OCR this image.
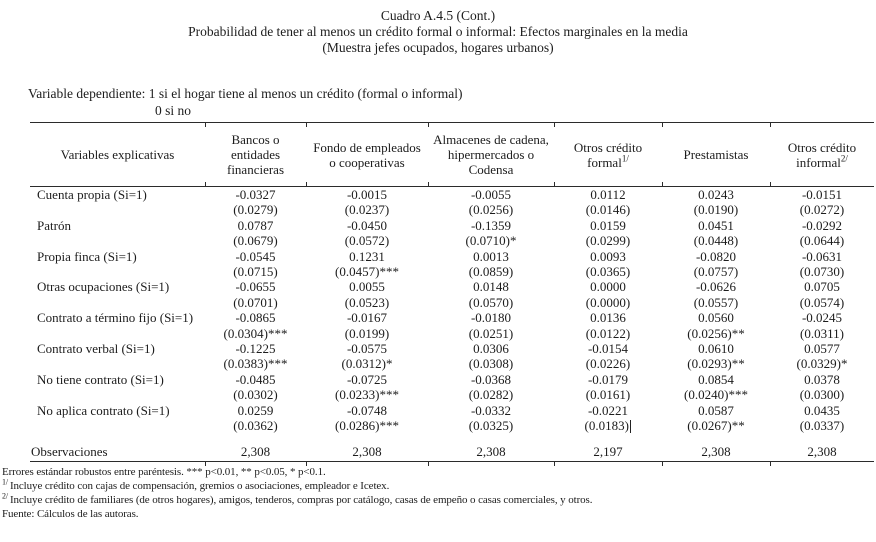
Cuadro A.4.5 (Cont.)
Probabilidad de tener al menos un crédito formal o informal: Efectos marginales en la media
(Muestra jefes ocupados, hogares urbanos)
Variable dependiente: 1 si el hogar tiene al menos un crédito (formal o informal)
0 si no
Variables explicativas	Bancos o entidades financieras	Fondo de empleados o cooperativas	Almacenes de cadena, hipermercados o Codensa	Otros crédito formal$^{1/}$	Prestamistas	Otros crédito informal$^{2/}$
Cuenta propia (Si=1)	-0.0327	-0.0015	-0.0055	0.0112	0.0243	-0.0151
	(0.0279)	(0.0237)	(0.0256)	(0.0146)	(0.0190)	(0.0272)
Patrón	0.0787	-0.0450	-0.1359	0.0159	0.0451	-0.0292
	(0.0679)	(0.0572)	(0.0710)*	(0.0299)	(0.0448)	(0.0644)
Propia finca (Si=1)	-0.0545	0.1231	0.0013	0.0093	-0.0820	-0.0631
	(0.0715)	(0.0457)***	(0.0859)	(0.0365)	(0.0757)	(0.0730)
Otras ocupaciones (Si=1)	-0.0655	0.0055	0.0148	0.0000	-0.0626	0.0705
	(0.0701)	(0.0523)	(0.0570)	(0.0000)	(0.0557)	(0.0574)
Contrato a término fijo (Si=1)	-0.0865	-0.0167	-0.0180	0.0136	0.0560	-0.0245
	(0.0304)***	(0.0199)	(0.0251)	(0.0122)	(0.0256)**	(0.0311)
Contrato verbal (Si=1)	-0.1225	-0.0575	0.0306	-0.0154	0.0610	0.0577
	(0.0383)***	(0.0312)*	(0.0308)	(0.0226)	(0.0293)**	(0.0329)*
No tiene contrato (Si=1)	-0.0485	-0.0725	-0.0368	-0.0179	0.0854	0.0378
	(0.0302)	(0.0233)***	(0.0282)	(0.0161)	(0.0240)***	(0.0300)
No aplica contrato (Si=1)	0.0259	-0.0748	-0.0332	-0.0221	0.0587	0.0435
	(0.0362)	(0.0286)***	(0.0325)	(0.0183)	(0.0267)**	(0.0337)

Observaciones	2,308	2,308	2,308	2,197	2,308	2,308
Errores estándar robustos entre paréntesis. *** p<0.01, ** p<0.05, * p<0.1.
$^{1/}$ Incluye crédito con cajas de compensación, gremios o asociaciones, empleador e Icetex.
$^{2/}$ Incluye crédito de familiares (de otros hogares), amigos, tenderos, compras por catálogo, casas de empeño o casas comerciales, y otros.
Fuente: Cálculos de las autoras.
